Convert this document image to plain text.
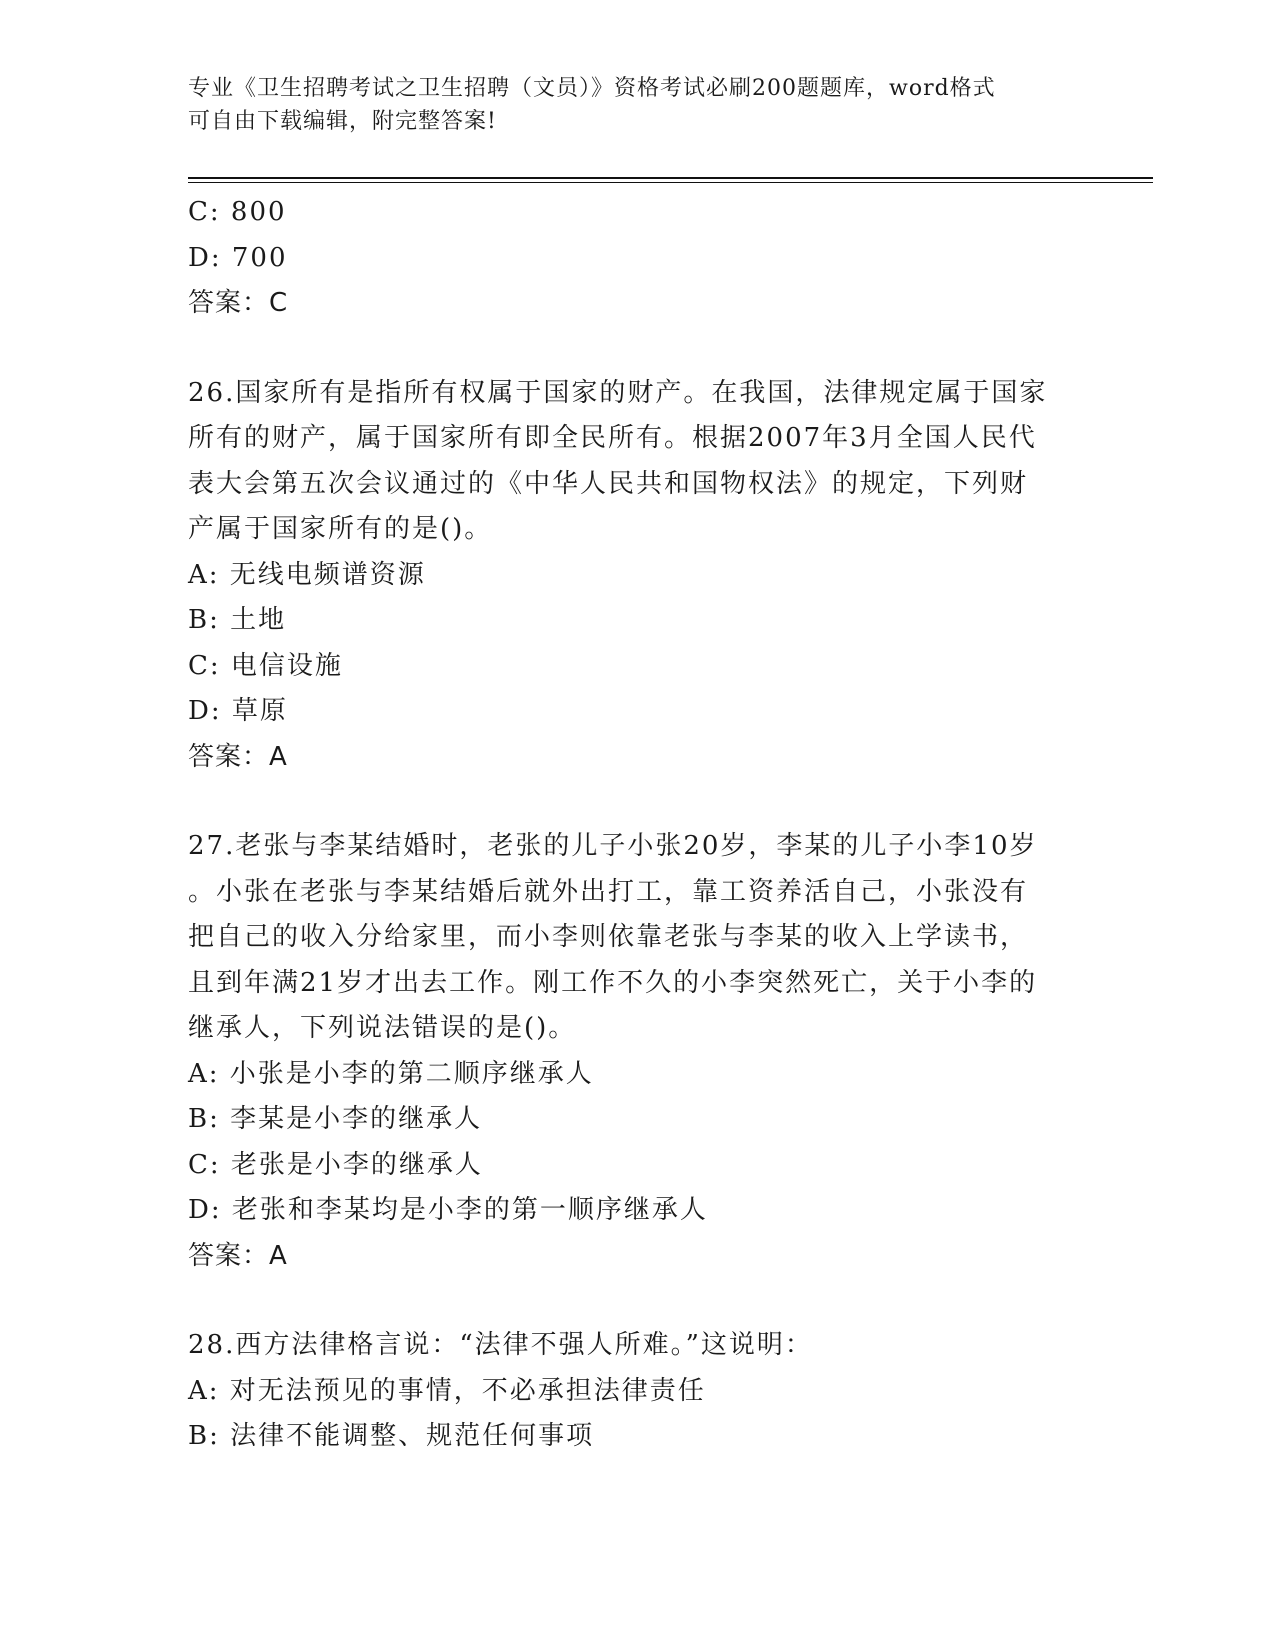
专业《卫生招聘考试之卫生招聘（文员）》资格考试必刷200题题库，word格式

可自由下载编辑，附完整答案!

C: 800
D: 700
答案：C
26.国家所有是指所有权属于国家的财产。在我国，法律规定属于国家
所有的财产，属于国家所有即全民所有。根据2007年3月全国人民代
表大会第五次会议通过的《中华人民共和国物权法》的规定，下列财
产属于国家所有的是()。
A: 无线电频谱资源
B: 土地
C: 电信设施
D: 草原
答案：A
27.老张与李某结婚时，老张的儿子小张20岁，李某的儿子小李10岁
。小张在老张与李某结婚后就外出打工，靠工资养活自己，小张没有
把自己的收入分给家里，而小李则依靠老张与李某的收入上学读书，
且到年满21岁才出去工作。刚工作不久的小李突然死亡，关于小李的
继承人，下列说法错误的是()。
A: 小张是小李的第二顺序继承人
B: 李某是小李的继承人
C: 老张是小李的继承人
D: 老张和李某均是小李的第一顺序继承人
答案：A
28.西方法律格言说：“法律不强人所难。”这说明：
A: 对无法预见的事情，不必承担法律责任
B: 法律不能调整、规范任何事项
